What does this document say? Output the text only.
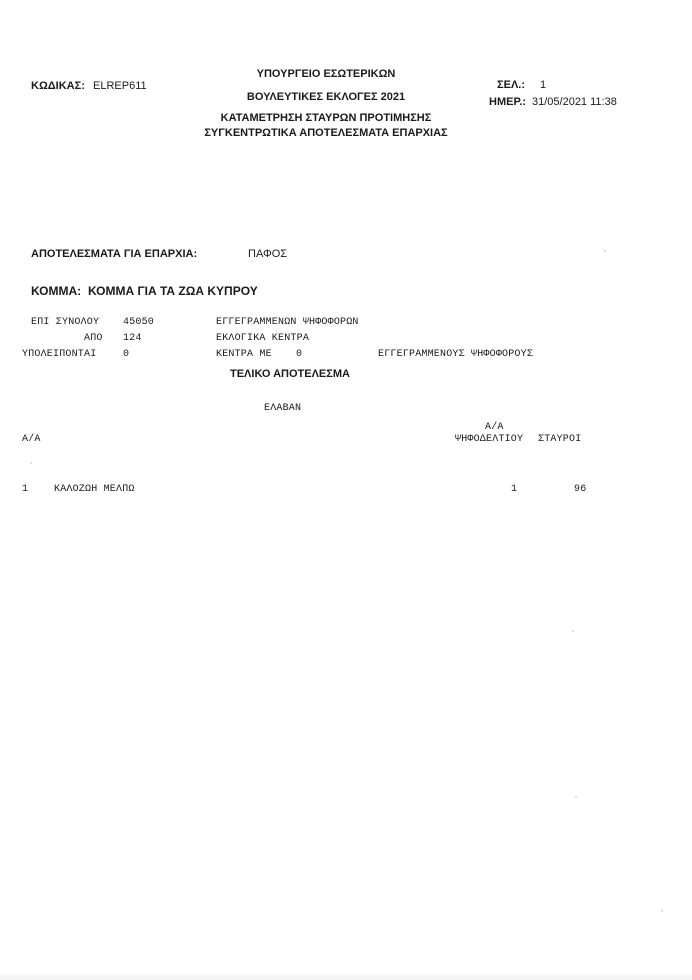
ΚΩΔΙΚΑΣ: ELREP611
ΥΠΟΥΡΓΕΙΟ ΕΣΩΤΕΡΙΚΩΝ
ΒΟΥΛΕΥΤΙΚΕΣ ΕΚΛΟΓΕΣ 2021
ΚΑΤΑΜΕΤΡΗΣΗ ΣΤΑΥΡΩΝ ΠΡΟΤΙΜΗΣΗΣ
ΣΥΓΚΕΝΤΡΩΤΙΚΑ ΑΠΟΤΕΛΕΣΜΑΤΑ ΕΠΑΡΧΙΑΣ
ΣΕΛ.: 1
ΗΜΕΡ.: 31/05/2021 11:38
ΑΠΟΤΕΛΕΣΜΑΤΑ ΓΙΑ ΕΠΑΡΧΙΑ:	ΠΑΦΟΣ
ΚΟΜΜΑ: ΚΟΜΜΑ ΓΙΑ ΤΑ ΖΩΑ ΚΥΠΡΟΥ
ΕΠΙ ΣΥΝΟΛΟΥ 45050	ΕΓΓΕΓΡΑΜΜΕΝΩΝ ΨΗΦΟΦΟΡΩΝ
ΑΠΟ 124	ΕΚΛΟΓΙΚΑ ΚΕΝΤΡΑ
ΥΠΟΛΕΙΠΟΝΤΑΙ	0	ΚΕΝΤΡΑ ΜΕ 0	ΕΓΓΕΓΡΑΜΜΕΝΟΥΣ ΨΗΦΟΦΟΡΟΥΣ
ΤΕΛΙΚΟ ΑΠΟΤΕΛΕΣΜΑ
ΕΛΑΒΑΝ
Α/Α
Α/Α
ΨΗΦΟΔΕΛΤΙΟΥ ΣΤΑΥΡΟΙ
1	ΚΑΛΟΖΩΗ ΜΕΛΠΩ	1	96
